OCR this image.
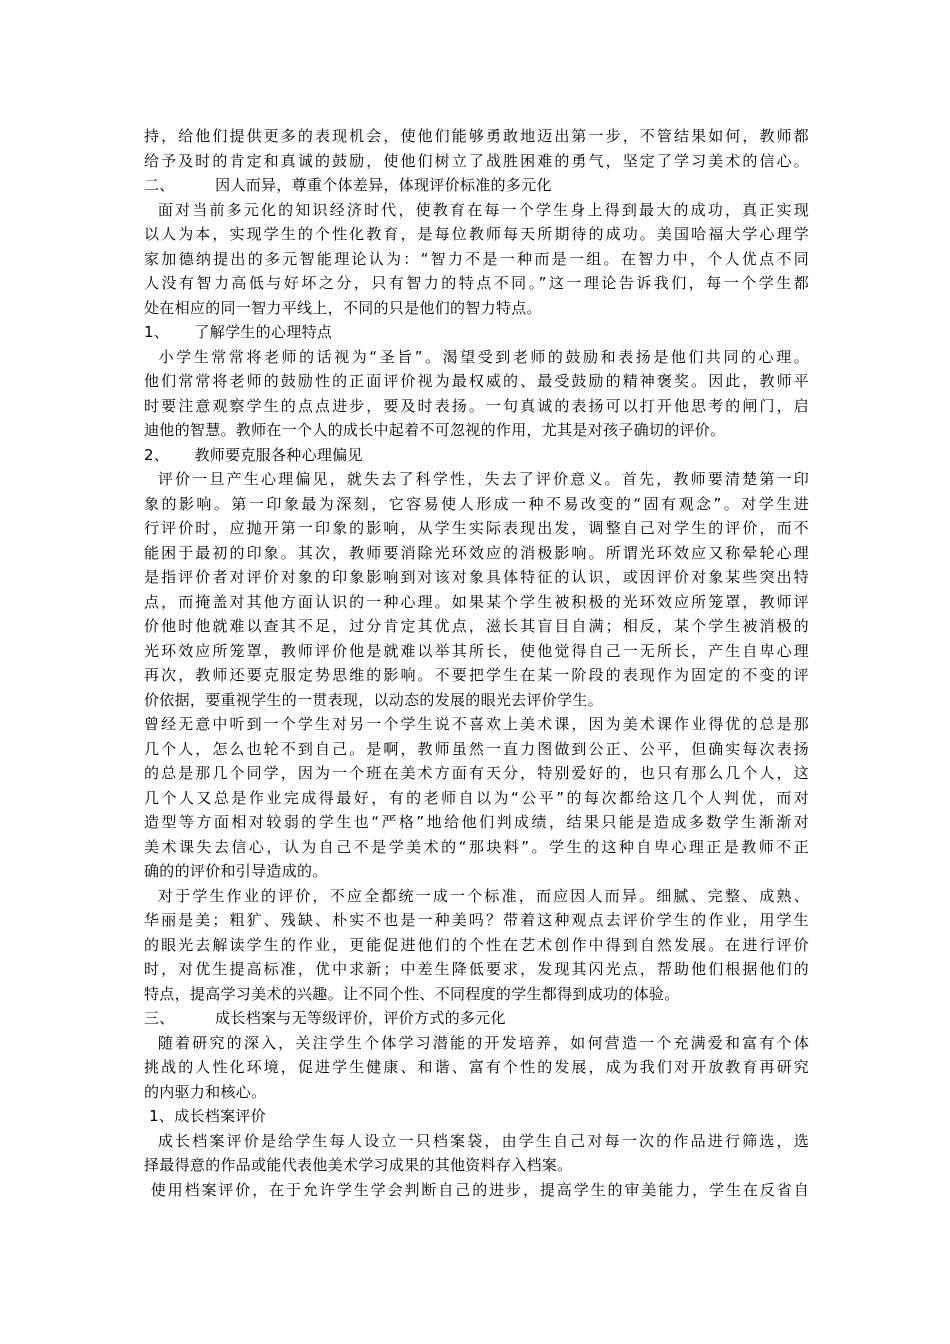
持，给他们提供更多的表现机会，使他们能够勇敢地迈出第一步，不管结果如何，教师都
给予及时的肯定和真诚的鼓励，使他们树立了战胜困难的勇气，坚定了学习美术的信心。
二、        因人而异，尊重个体差异，体现评价标准的多元化
面对当前多元化的知识经济时代，使教育在每一个学生身上得到最大的成功，真正实现
以人为本，实现学生的个性化教育，是每位教师每天所期待的成功。美国哈福大学心理学
家加德纳提出的多元智能理论认为：“智力不是一种而是一组。在智力中，个人优点不同
人没有智力高低与好坏之分，只有智力的特点不同。”这一理论告诉我们，每一个学生都
处在相应的同一智力平线上，不同的只是他们的智力特点。
1、     了解学生的心理特点
小学生常常将老师的话视为“圣旨”。渴望受到老师的鼓励和表扬是他们共同的心理。
他们常常将老师的鼓励性的正面评价视为最权威的、最受鼓励的精神褒奖。因此，教师平
时要注意观察学生的点点进步，要及时表扬。一句真诚的表扬可以打开他思考的闸门，启
迪他的智慧。教师在一个人的成长中起着不可忽视的作用，尤其是对孩子确切的评价。
2、     教师要克服各种心理偏见
评价一旦产生心理偏见，就失去了科学性，失去了评价意义。首先，教师要清楚第一印
象的影响。第一印象最为深刻，它容易使人形成一种不易改变的“固有观念”。对学生进
行评价时，应抛开第一印象的影响，从学生实际表现出发，调整自己对学生的评价，而不
能困于最初的印象。其次，教师要消除光环效应的消极影响。所谓光环效应又称晕轮心理
是指评价者对评价对象的印象影响到对该对象具体特征的认识，或因评价对象某些突出特
点，而掩盖对其他方面认识的一种心理。如果某个学生被积极的光环效应所笼罩，教师评
价他时他就难以查其不足，过分肯定其优点，滋长其盲目自满；相反，某个学生被消极的
光环效应所笼罩，教师评价他是就难以举其所长，使他觉得自己一无所长，产生自卑心理
再次，教师还要克服定势思维的影响。不要把学生在某一阶段的表现作为固定的不变的评
价依据，要重视学生的一贯表现，以动态的发展的眼光去评价学生。
曾经无意中听到一个学生对另一个学生说不喜欢上美术课，因为美术课作业得优的总是那
几个人，怎么也轮不到自己。是啊，教师虽然一直力图做到公正、公平，但确实每次表扬
的总是那几个同学，因为一个班在美术方面有天分，特别爱好的，也只有那么几个人，这
几个人又总是作业完成得最好，有的老师自以为“公平”的每次都给这几个人判优，而对
造型等方面相对较弱的学生也“严格”地给他们判成绩，结果只能是造成多数学生渐渐对
美术课失去信心，认为自己不是学美术的“那块料”。学生的这种自卑心理正是教师不正
确的的评价和引导造成的。
对于学生作业的评价，不应全都统一成一个标准，而应因人而异。细腻、完整、成熟、
华丽是美；粗犷、残缺、朴实不也是一种美吗？带着这种观点去评价学生的作业，用学生
的眼光去解读学生的作业，更能促进他们的个性在艺术创作中得到自然发展。在进行评价
时，对优生提高标准，优中求新；中差生降低要求，发现其闪光点，帮助他们根据他们的
特点，提高学习美术的兴趣。让不同个性、不同程度的学生都得到成功的体验。
三、        成长档案与无等级评价，评价方式的多元化
随着研究的深入，关注学生个体学习潜能的开发培养，如何营造一个充满爱和富有个体
挑战的人性化环境，促进学生健康、和谐、富有个性的发展，成为我们对开放教育再研究
的内驱力和核心。
1、成长档案评价
成长档案评价是给学生每人设立一只档案袋，由学生自己对每一次的作品进行筛选，选
择最得意的作品或能代表他美术学习成果的其他资料存入档案。
使用档案评价，在于允许学生学会判断自己的进步，提高学生的审美能力，学生在反省自
